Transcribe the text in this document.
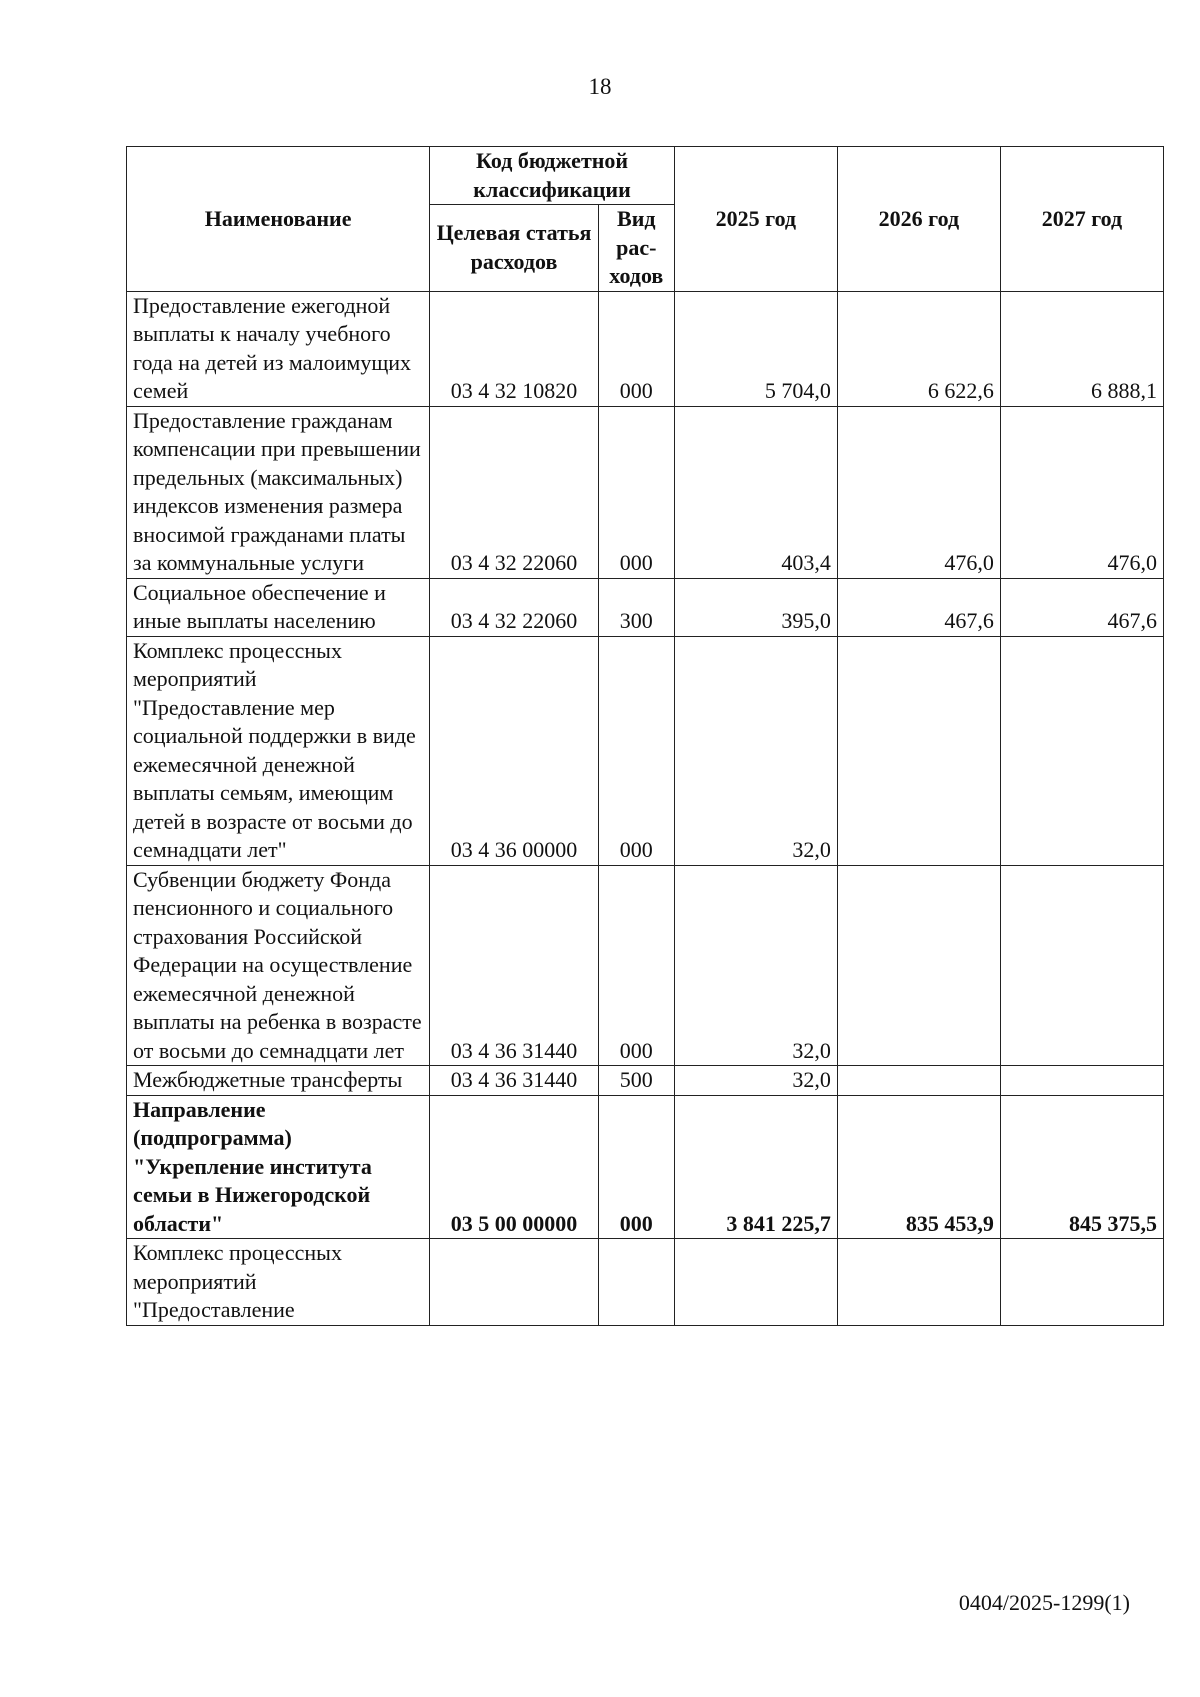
18
Наименование	Код бюджетной классификации		2025 год	2026 год	2027 год
	Целевая статья расходов	Вид рас-ходов			
Предоставление ежегодной выплаты к началу учебного года на детей из малоимущих семей	03 4 32 10820	000	5 704,0	6 622,6	6 888,1
Предоставление гражданам компенсации при превышении предельных (максимальных) индексов изменения размера вносимой гражданами платы за коммунальные услуги	03 4 32 22060	000	403,4	476,0	476,0
Социальное обеспечение и иные выплаты населению	03 4 32 22060	300	395,0	467,6	467,6
Комплекс процессных мероприятий "Предоставление мер социальной поддержки в виде ежемесячной денежной выплаты семьям, имеющим детей в возрасте от восьми до семнадцати лет"	03 4 36 00000	000	32,0		
Субвенции бюджету Фонда пенсионного и социального страхования Российской Федерации на осуществление ежемесячной денежной выплаты на ребенка в возрасте от восьми до семнадцати лет	03 4 36 31440	000	32,0		
Межбюджетные трансферты	03 4 36 31440	500	32,0		
Направление (подпрограмма) "Укрепление института семьи в Нижегородской области"	03 5 00 00000	000	3 841 225,7	835 453,9	845 375,5
Комплекс процессных мероприятий "Предоставление					
0404/2025-1299(1)
